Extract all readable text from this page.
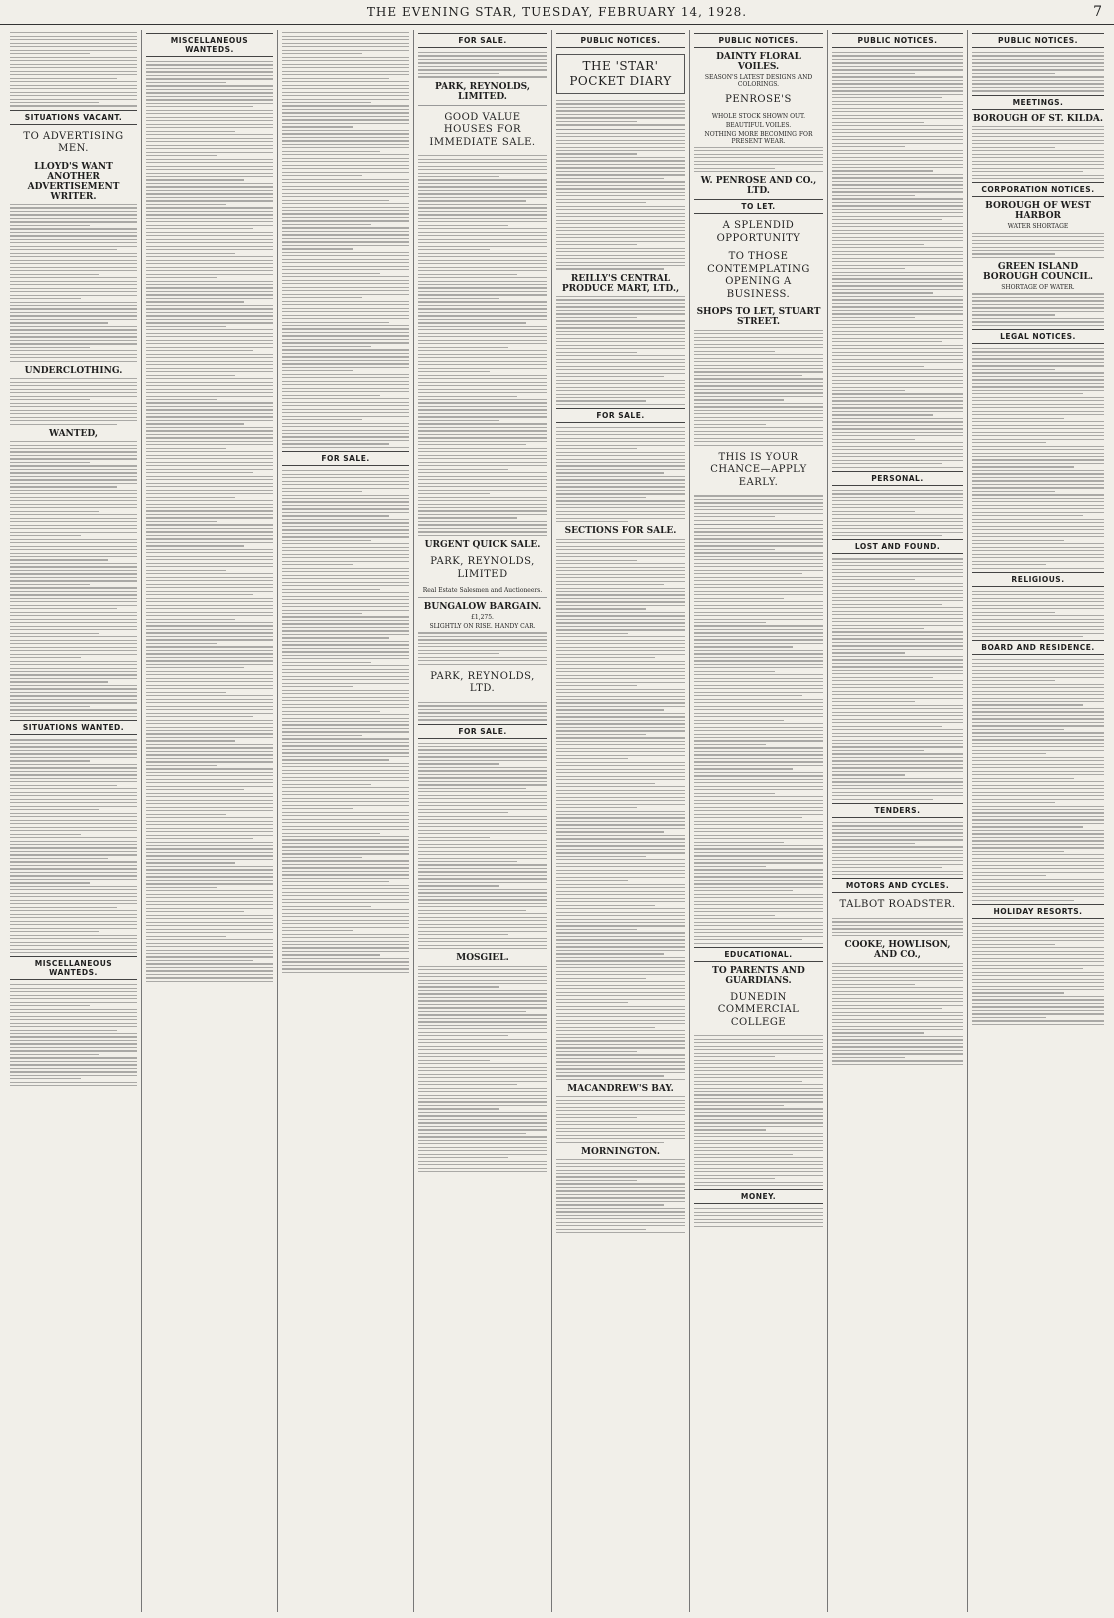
THE EVENING STAR, TUESDAY, FEBRUARY 14, 1928.	7
SITUATIONS VACANT.
TO ADVERTISING MEN.
LLOYD'S WANT ANOTHER ADVERTISEMENT WRITER.
UNDERCLOTHING.
WANTED,
SITUATIONS WANTED.
MISCELLANEOUS WANTEDS.
MISCELLANEOUS WANTEDS.
FOR SALE.
FOR SALE.
PARK, REYNOLDS, LIMITED.
GOOD VALUE HOUSES FOR IMMEDIATE SALE.
URGENT QUICK SALE.
PARK, REYNOLDS, LIMITED
Real Estate Salesmen and Auctioneers.
BUNGALOW BARGAIN.
£1,275.
SLIGHTLY ON RISE. HANDY CAR.
PARK, REYNOLDS, LTD.
FOR SALE.
MOSGIEL.
PUBLIC NOTICES.
THE 'STAR' POCKET DIARY
REILLY'S CENTRAL PRODUCE MART, LTD.,
FOR SALE.
SECTIONS FOR SALE.
MACANDREW'S BAY.
MORNINGTON.
PUBLIC NOTICES.
DAINTY FLORAL VOILES.
SEASON'S LATEST DESIGNS AND COLORINGS.
PENROSE'S
WHOLE STOCK SHOWN OUT.
BEAUTIFUL VOILES.
NOTHING MORE BECOMING FOR PRESENT WEAR.
W. PENROSE AND CO., LTD.
TO LET.
A SPLENDID OPPORTUNITY
TO THOSE CONTEMPLATING OPENING A BUSINESS.
SHOPS TO LET, STUART STREET.
THIS IS YOUR CHANCE—APPLY EARLY.
EDUCATIONAL.
TO PARENTS AND GUARDIANS.
DUNEDIN COMMERCIAL COLLEGE
MONEY.
PUBLIC NOTICES.
PERSONAL.
LOST AND FOUND.
TENDERS.
MOTORS AND CYCLES.
TALBOT ROADSTER.
COOKE, HOWLISON, AND CO.,
PUBLIC NOTICES.
MEETINGS.
BOROUGH OF ST. KILDA.
CORPORATION NOTICES.
BOROUGH OF WEST HARBOR
WATER SHORTAGE
GREEN ISLAND BOROUGH COUNCIL.
SHORTAGE OF WATER.
LEGAL NOTICES.
RELIGIOUS.
BOARD AND RESIDENCE.
HOLIDAY RESORTS.
